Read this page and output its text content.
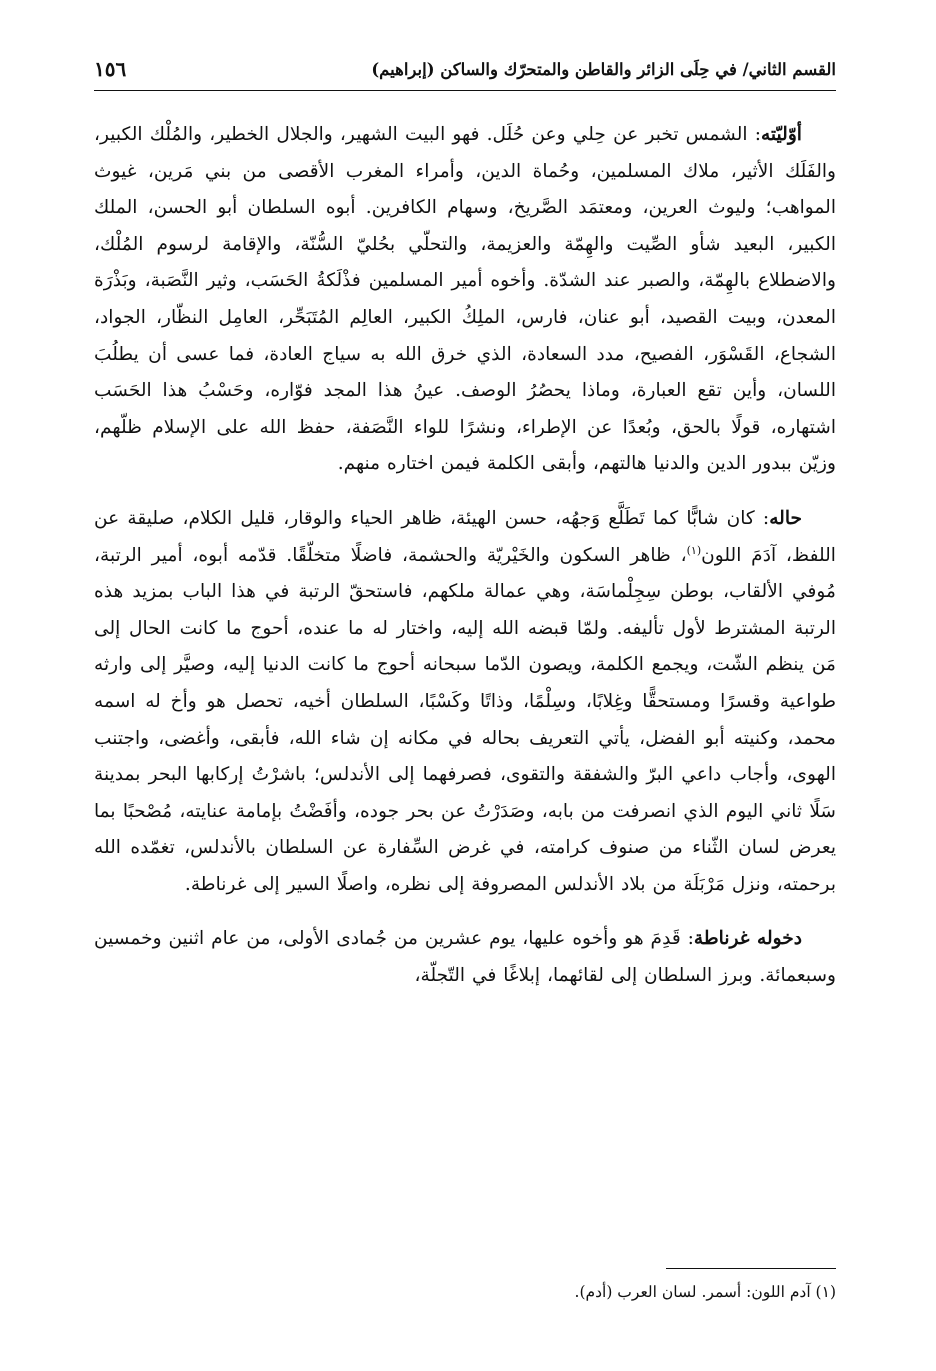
القسم الثاني/ في حِلَى الزائر والقاطن والمتحرّك والساكن (إبراهيم)
١٥٦

أوّليّته: الشمس تخبر عن حِلي وعن حُلَل. فهو البيت الشهير، والجلال الخطير، والمُلْك الكبير، والفَلَك الأثير، ملاك المسلمين، وحُماة الدين، وأمراء المغرب الأقصى من بني مَرين، غيوث المواهب؛ وليوث العرين، ومعتمَد الصَّريخ، وسهام الكافرين. أبوه السلطان أبو الحسن، الملك الكبير، البعيد شأو الصِّيت والهِمّة والعزيمة، والتحلّي بحُليّ السُّنّة، والإقامة لرسوم المُلْك، والاضطلاع بالهِمّة، والصبر عند الشدّة. وأخوه أمير المسلمين فذْلَكةُ الحَسَب، وثير النَّصَبة، وبَذْرَة المعدن، وبيت القصيد، أبو عنان، فارس، الملِكُ الكبير، العالِم المُتَبَحِّر، العامِل النظّار، الجواد، الشجاع، القَسْوَر، الفصيح، مدد السعادة، الذي خرق الله به سياج العادة، فما عسى أن يطلُبَ اللسان، وأين تقع العبارة، وماذا يحصُرُ الوصف. عينُ هذا المجد فوّاره، وحَسْبُ هذا الحَسَب اشتهاره، قولًا بالحق، وبُعدًا عن الإطراء، ونشرًا للواء النَّصَفة، حفظ الله على الإسلام ظلّهم، وزيّن ببدور الدين والدنيا هالتهم، وأبقى الكلمة فيمن اختاره منهم.

حاله: كان شابًّا كما تَطَلَّع وَجهُه، حسن الهيئة، ظاهر الحياء والوقار، قليل الكلام، صليقة عن اللفظ، آدَمَ اللون$^{(١)}$، ظاهر السكون والخَيْريّة والحشمة، فاضلًا متخلّقًا. قدّمه أبوه، أمير الرتبة، مُوفي الألقاب، بوطن سِجِلْماسَة، وهي عمالة ملكهم، فاستحقّ الرتبة في هذا الباب بمزيد هذه الرتبة المشترط لأول تأليفه. ولمّا قبضه الله إليه، واختار له ما عنده، أحوج ما كانت الحال إلى مَن ينظم الشّت، ويجمع الكلمة، ويصون الدّما سبحانه أحوج ما كانت الدنيا إليه، وصيَّر إلى وارثه طواعية وقسرًا ومستحقًّا وغِلابًا، وسِلْمًا، وذاتًا وكَسْبًا، السلطان أخيه، تحصل هو وأخ له اسمه محمد، وكنيته أبو الفضل، يأتي التعريف بحاله في مكانه إن شاء الله، فأبقى، وأغضى، واجتنب الهوى، وأجاب داعي البرّ والشفقة والتقوى، فصرفهما إلى الأندلس؛ باشرْتُ إركابها البحر بمدينة سَلًا ثاني اليوم الذي انصرفت من بابه، وصَدَرْتُ عن بحر جوده، وأفَضْتُ بإمامة عنايته، مُصْحبًا بما يعرض لسان الثّناء من صنوف كرامته، في غرض السِّفارة عن السلطان بالأندلس، تغمّده الله برحمته، ونزل مَرْبَلَة من بلاد الأندلس المصروفة إلى نظره، واصلًا السير إلى غرناطة.

دخوله غرناطة: قَدِمَ هو وأخوه عليها، يوم عشرين من جُمادى الأولى، من عام اثنين وخمسين وسبعمائة. وبرز السلطان إلى لقائهما، إبلاغًا في التّجلّة،

(١) آدم اللون: أسمر. لسان العرب (أدم).
